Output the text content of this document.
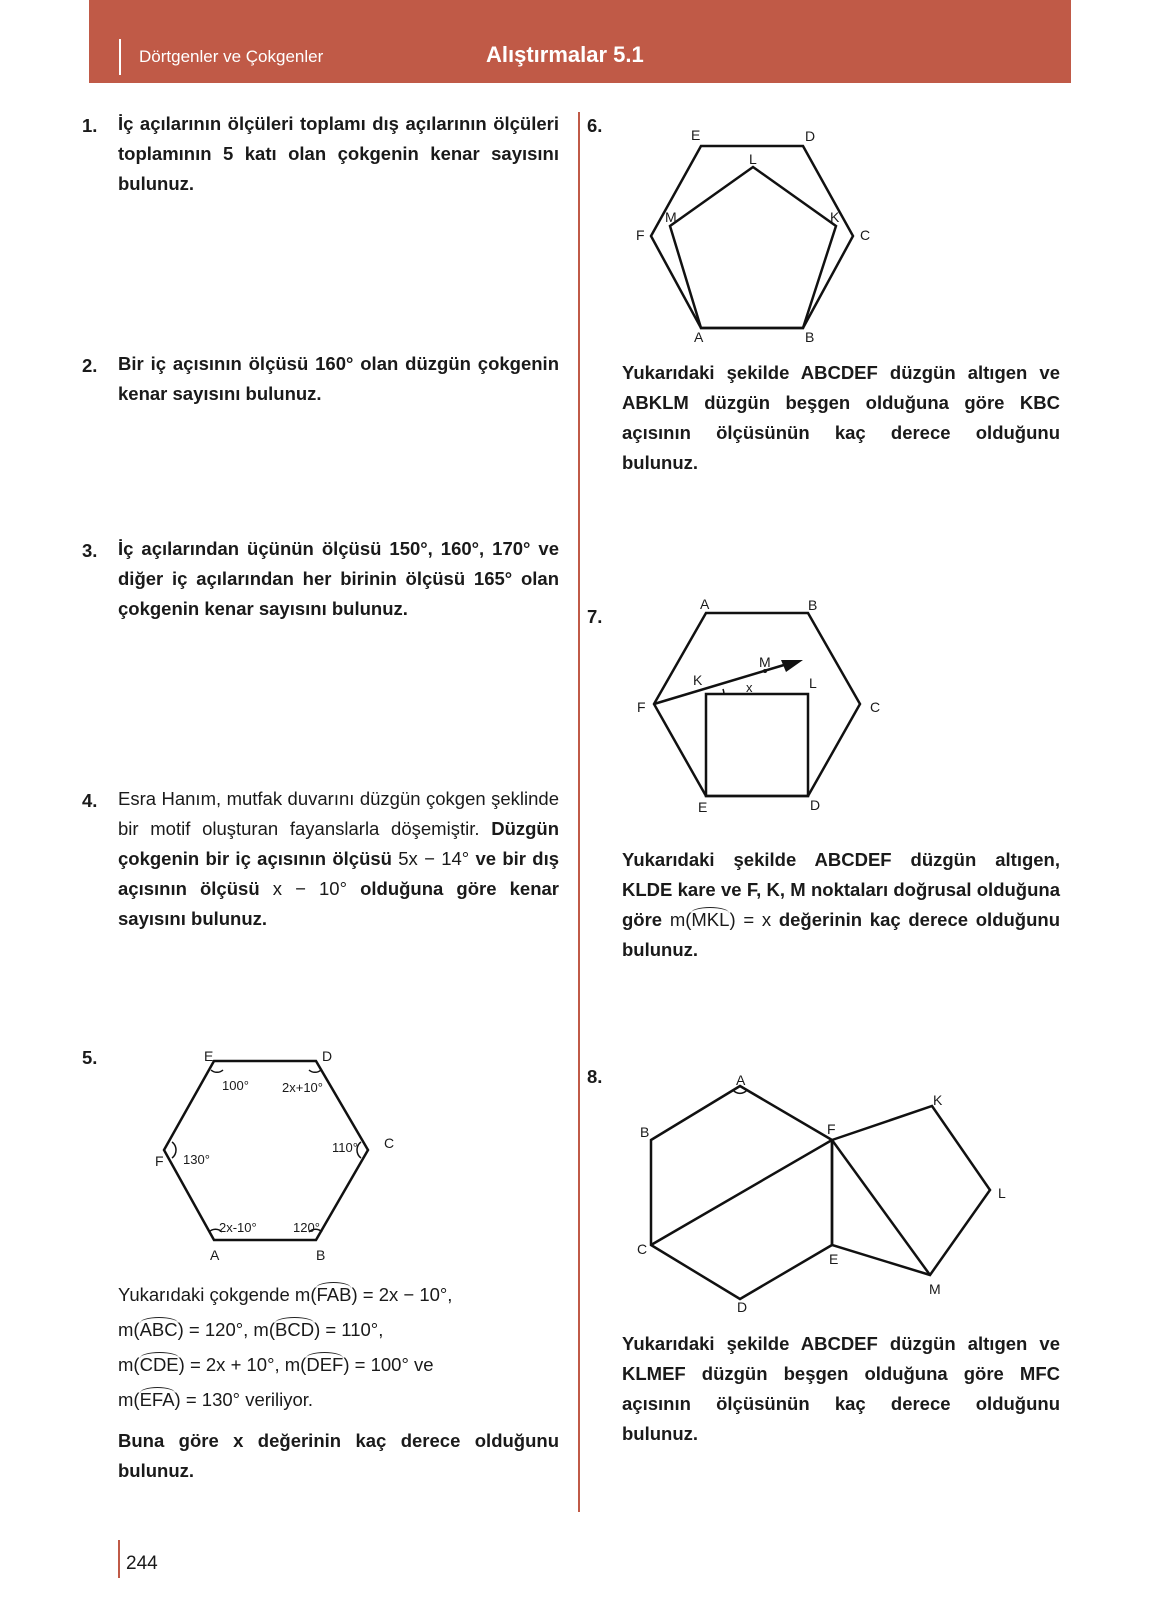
Dörtgenler ve Çokgenler	Alıştırmalar 5.1
1. İç açılarının ölçüleri toplamı dış açılarının ölçüleri toplamının 5 katı olan çokgenin kenar sayısını bulunuz.
2. Bir iç açısının ölçüsü 160° olan düzgün çokgenin kenar sayısını bulunuz.
3. İç açılarından üçünün ölçüsü 150°, 160°, 170° ve diğer iç açılarından her birinin ölçüsü 165° olan çokgenin kenar sayısını bulunuz.
4. Esra Hanım, mutfak duvarını düzgün çokgen şeklinde bir motif oluşturan fayanslarla döşemiştir. Düzgün çokgenin bir iç açısının ölçüsü 5x − 14° ve bir dış açısının ölçüsü x − 10° olduğuna göre kenar sayısını bulunuz.
5.	E	D
C
F
A	B
100°	2x+10°
110°
130°
2x-10°	120°
Yukarıdaki çokgende m(FAB) = 2x − 10°,
m(ABC) = 120°, m(BCD) = 110°,
m(CDE) = 2x + 10°, m(DEF) = 100° ve
m(EFA) = 130° veriliyor.
Buna göre x değerinin kaç derece olduğunu bulunuz.
6.	E	D
L
M	K
F	C
A	B
Yukarıdaki şekilde ABCDEF düzgün altıgen ve ABKLM düzgün beşgen olduğuna göre KBC açısının ölçüsünün kaç derece olduğunu bulunuz.
7.
A	B
M
K	x	L
F	C
E	D
Yukarıdaki şekilde ABCDEF düzgün altıgen, KLDE kare ve F, K, M noktaları doğrusal olduğuna göre m(MKL) = x değerinin kaç derece olduğunu bulunuz.
8.	A
K
B	F
L
C
E
M
D
Yukarıdaki şekilde ABCDEF düzgün altıgen ve KLMEF düzgün beşgen olduğuna göre MFC açısının ölçüsünün kaç derece olduğunu bulunuz.
244
